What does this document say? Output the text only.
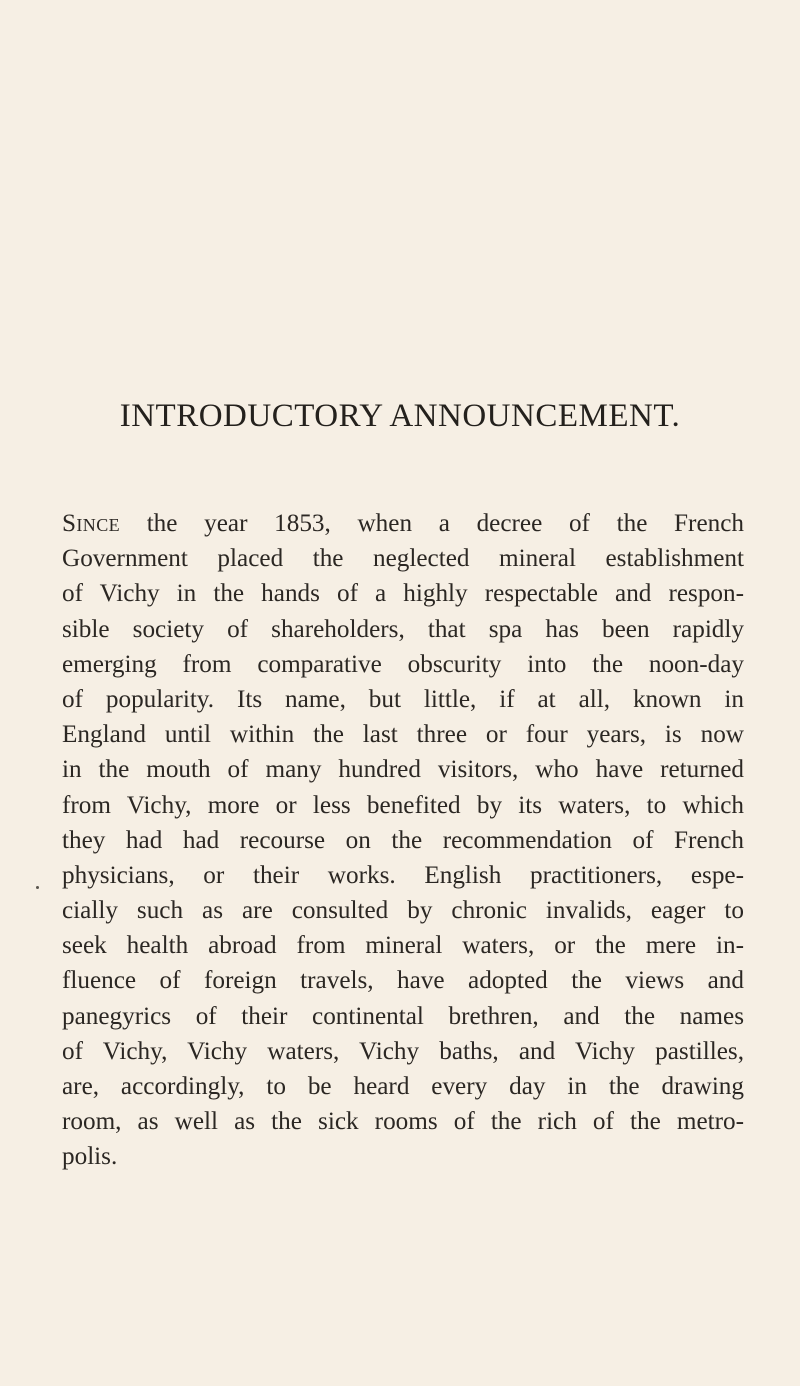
INTRODUCTORY ANNOUNCEMENT.
Since the year 1853, when a decree of the French
Government placed the neglected mineral establishment
of Vichy in the hands of a highly respectable and respon-
sible society of shareholders, that spa has been rapidly
emerging from comparative obscurity into the noon-day
of popularity. Its name, but little, if at all, known in
England until within the last three or four years, is now
in the mouth of many hundred visitors, who have returned
from Vichy, more or less benefited by its waters, to which
they had had recourse on the recommendation of French
physicians, or their works. English practitioners, espe-
cially such as are consulted by chronic invalids, eager to
seek health abroad from mineral waters, or the mere in-
fluence of foreign travels, have adopted the views and
panegyrics of their continental brethren, and the names
of Vichy, Vichy waters, Vichy baths, and Vichy pastilles,
are, accordingly, to be heard every day in the drawing
room, as well as the sick rooms of the rich of the metro-
polis.
